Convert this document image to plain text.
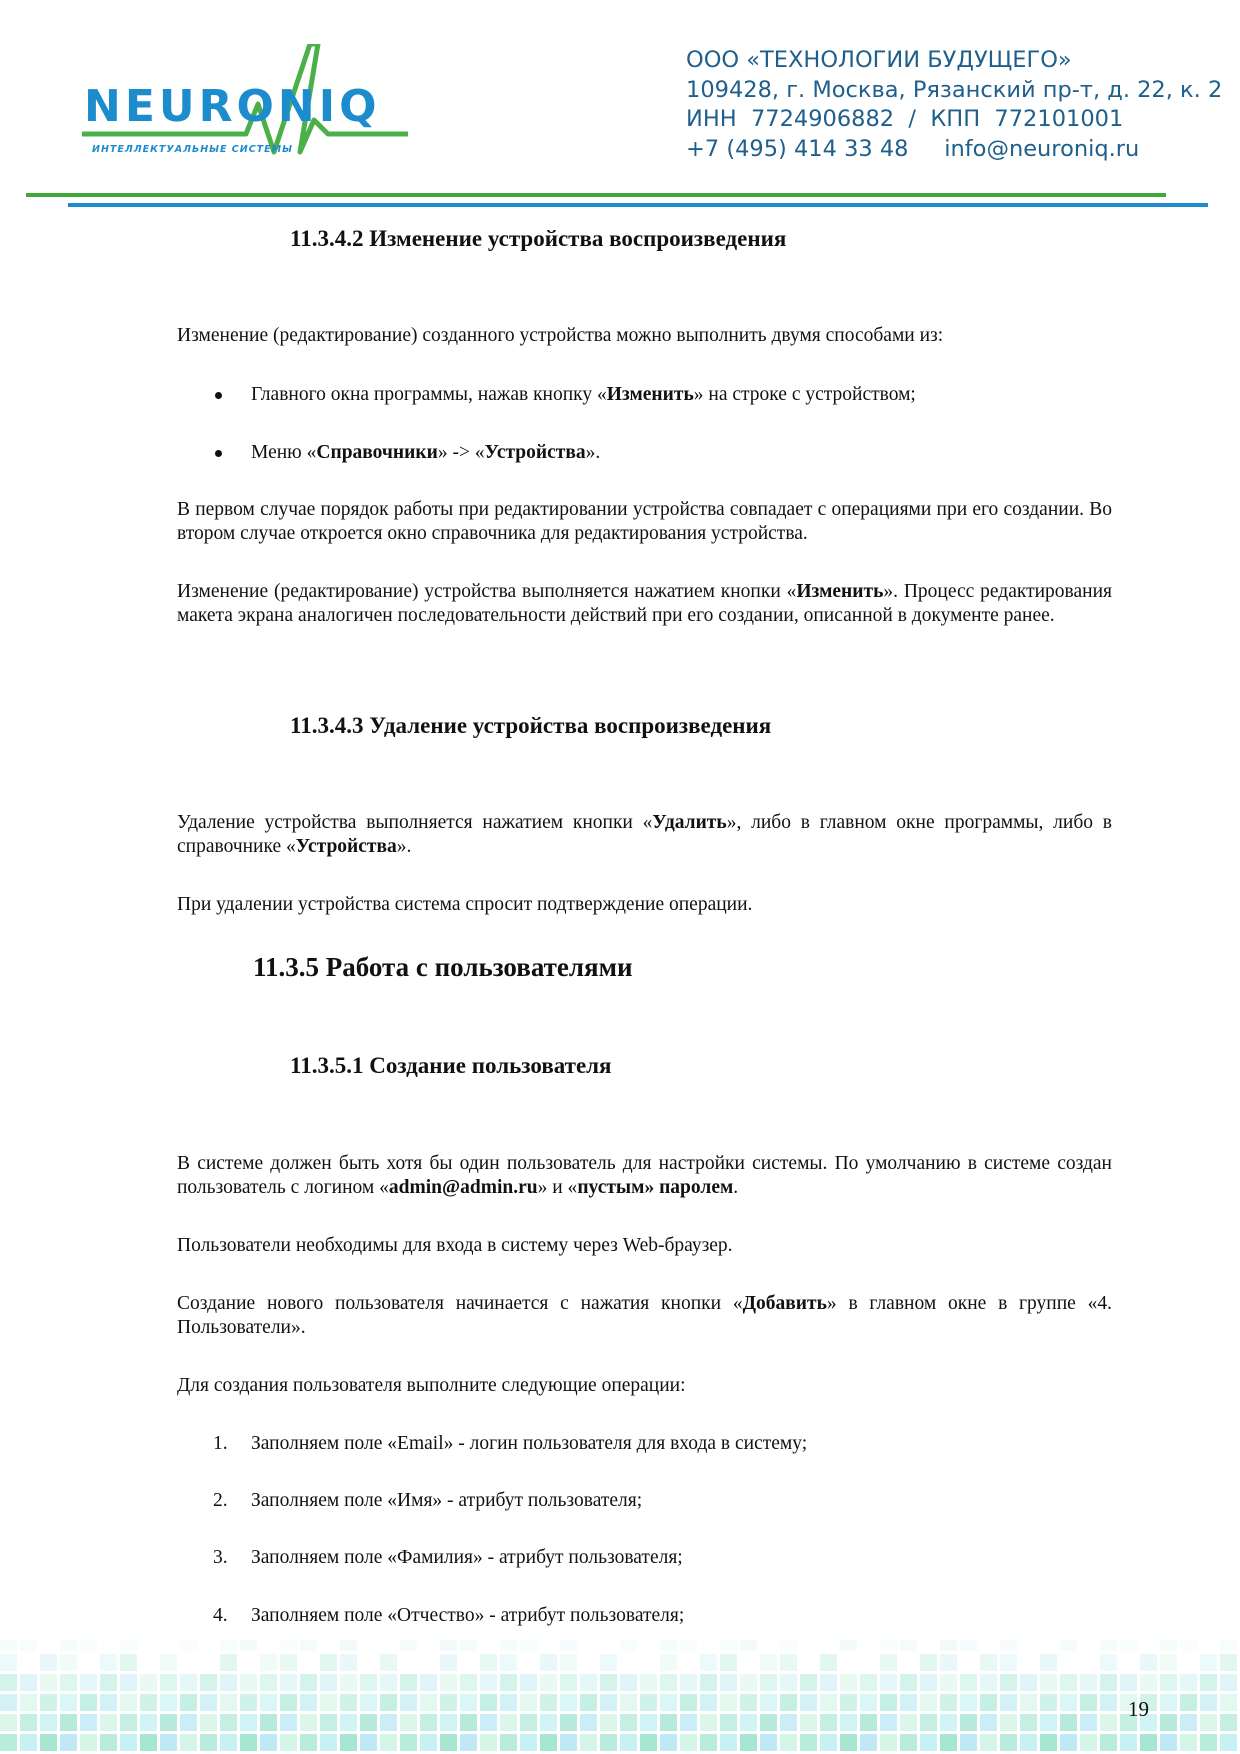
NEURONIQ
ИНТЕЛЛЕКТУАЛЬНЫЕ СИСТЕМЫ
ООО «ТЕХНОЛОГИИ БУДУЩЕГО»
109428, г. Москва, Рязанский пр-т, д. 22, к. 2
ИНН  7724906882  /  КПП  772101001
+7 (495) 414 33 48     info@neuroniq.ru
11.3.4.2 Изменение устройства воспроизведения
Изменение (редактирование) созданного устройства можно выполнить двумя способами из:
Главного окна программы, нажав кнопку «Изменить» на строке с устройством;
Меню «Справочники» -> «Устройства».
В первом случае порядок работы при редактировании устройства совпадает с операциями при его создании. Во втором случае откроется окно справочника для редактирования устройства.
Изменение (редактирование) устройства выполняется нажатием кнопки «Изменить». Процесс редактирования макета экрана аналогичен последовательности действий при его создании, описанной в документе ранее.
11.3.4.3 Удаление устройства воспроизведения
Удаление устройства выполняется нажатием кнопки «Удалить», либо в главном окне программы, либо в справочнике «Устройства».
При удалении устройства система спросит подтверждение операции.
11.3.5 Работа с пользователями
11.3.5.1 Создание пользователя
В системе должен быть хотя бы один пользователь для настройки системы. По умолчанию в системе создан пользователь с логином «admin@admin.ru» и «пустым» паролем.
Пользователи необходимы для входа в систему через Web-браузер.
Создание нового пользователя начинается с нажатия кнопки «Добавить» в главном окне в группе «4. Пользователи».
Для создания пользователя выполните следующие операции:
1.	Заполняем поле «Email» - логин пользователя для входа в систему;
2.	Заполняем поле «Имя» - атрибут пользователя;
3.	Заполняем поле «Фамилия» - атрибут пользователя;
4.	Заполняем поле «Отчество» - атрибут пользователя;
19
